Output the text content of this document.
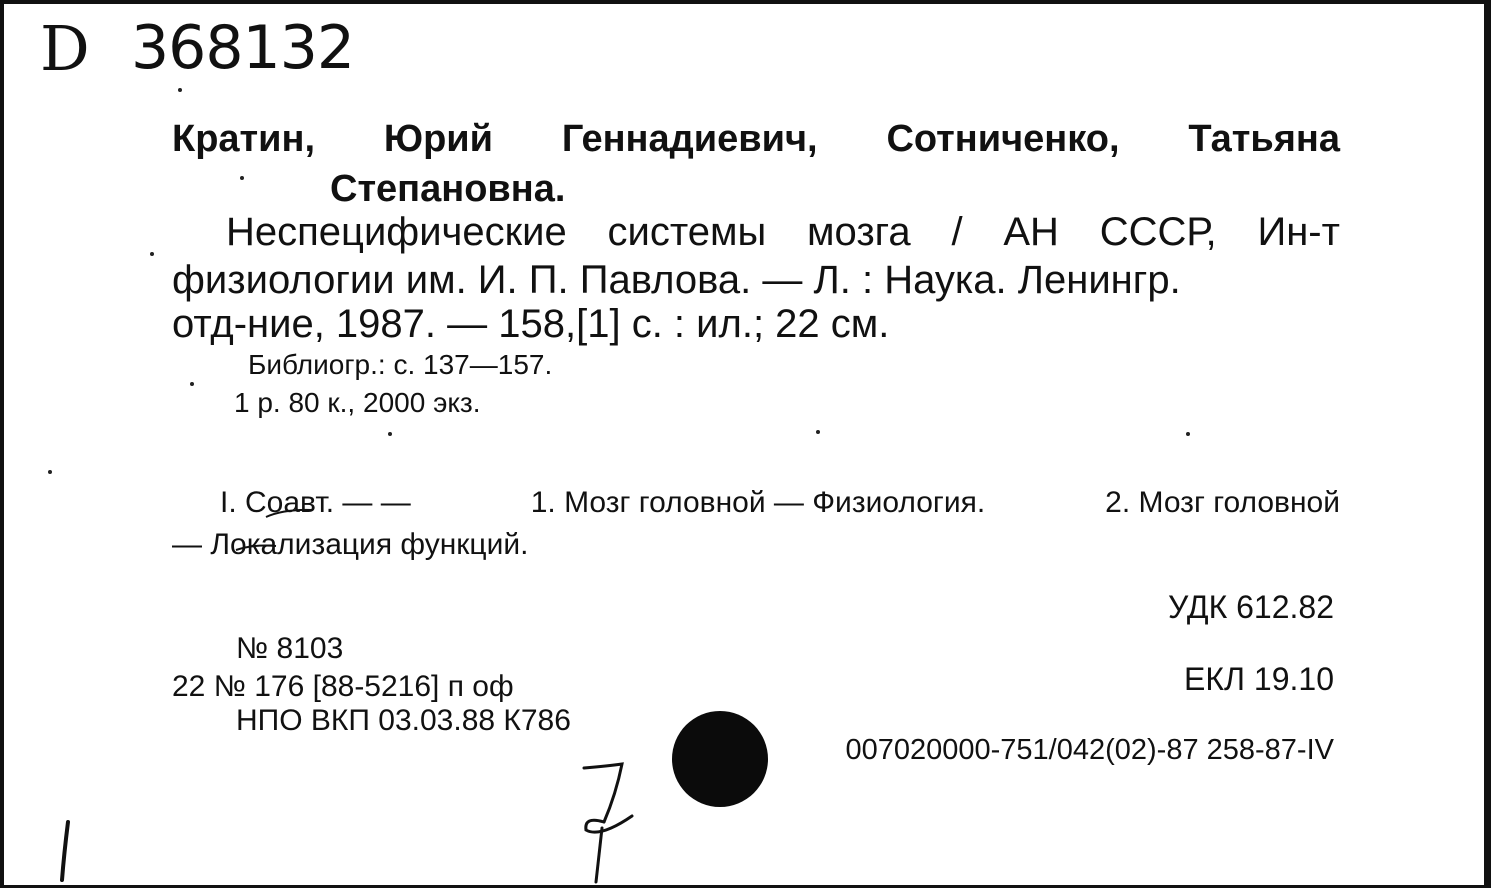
D 368132
Кратин, Юрий Геннадиевич, Сотниченко, Татьяна
Степановна.
Неспецифические системы мозга / АН СССР, Ин-т
физиологии им. И. П. Павлова. — Л. : Наука. Ленингр.
отд-ние, 1987. — 158,[1] с. : ил.; 22 см.
Библиогр.: с. 137—157.
1 р. 80 к., 2000 экз.
I. Соавт. — —	1. Мозг головной — Физиология.	2. Мозг головной
— Локализация функций.
УДК 612.82
ЕКЛ 19.10
№ 8103
22 № 176 [88-5216] п оф
НПО ВКП 03.03.88 К786
007020000-751/042(02)-87 258-87-IV
